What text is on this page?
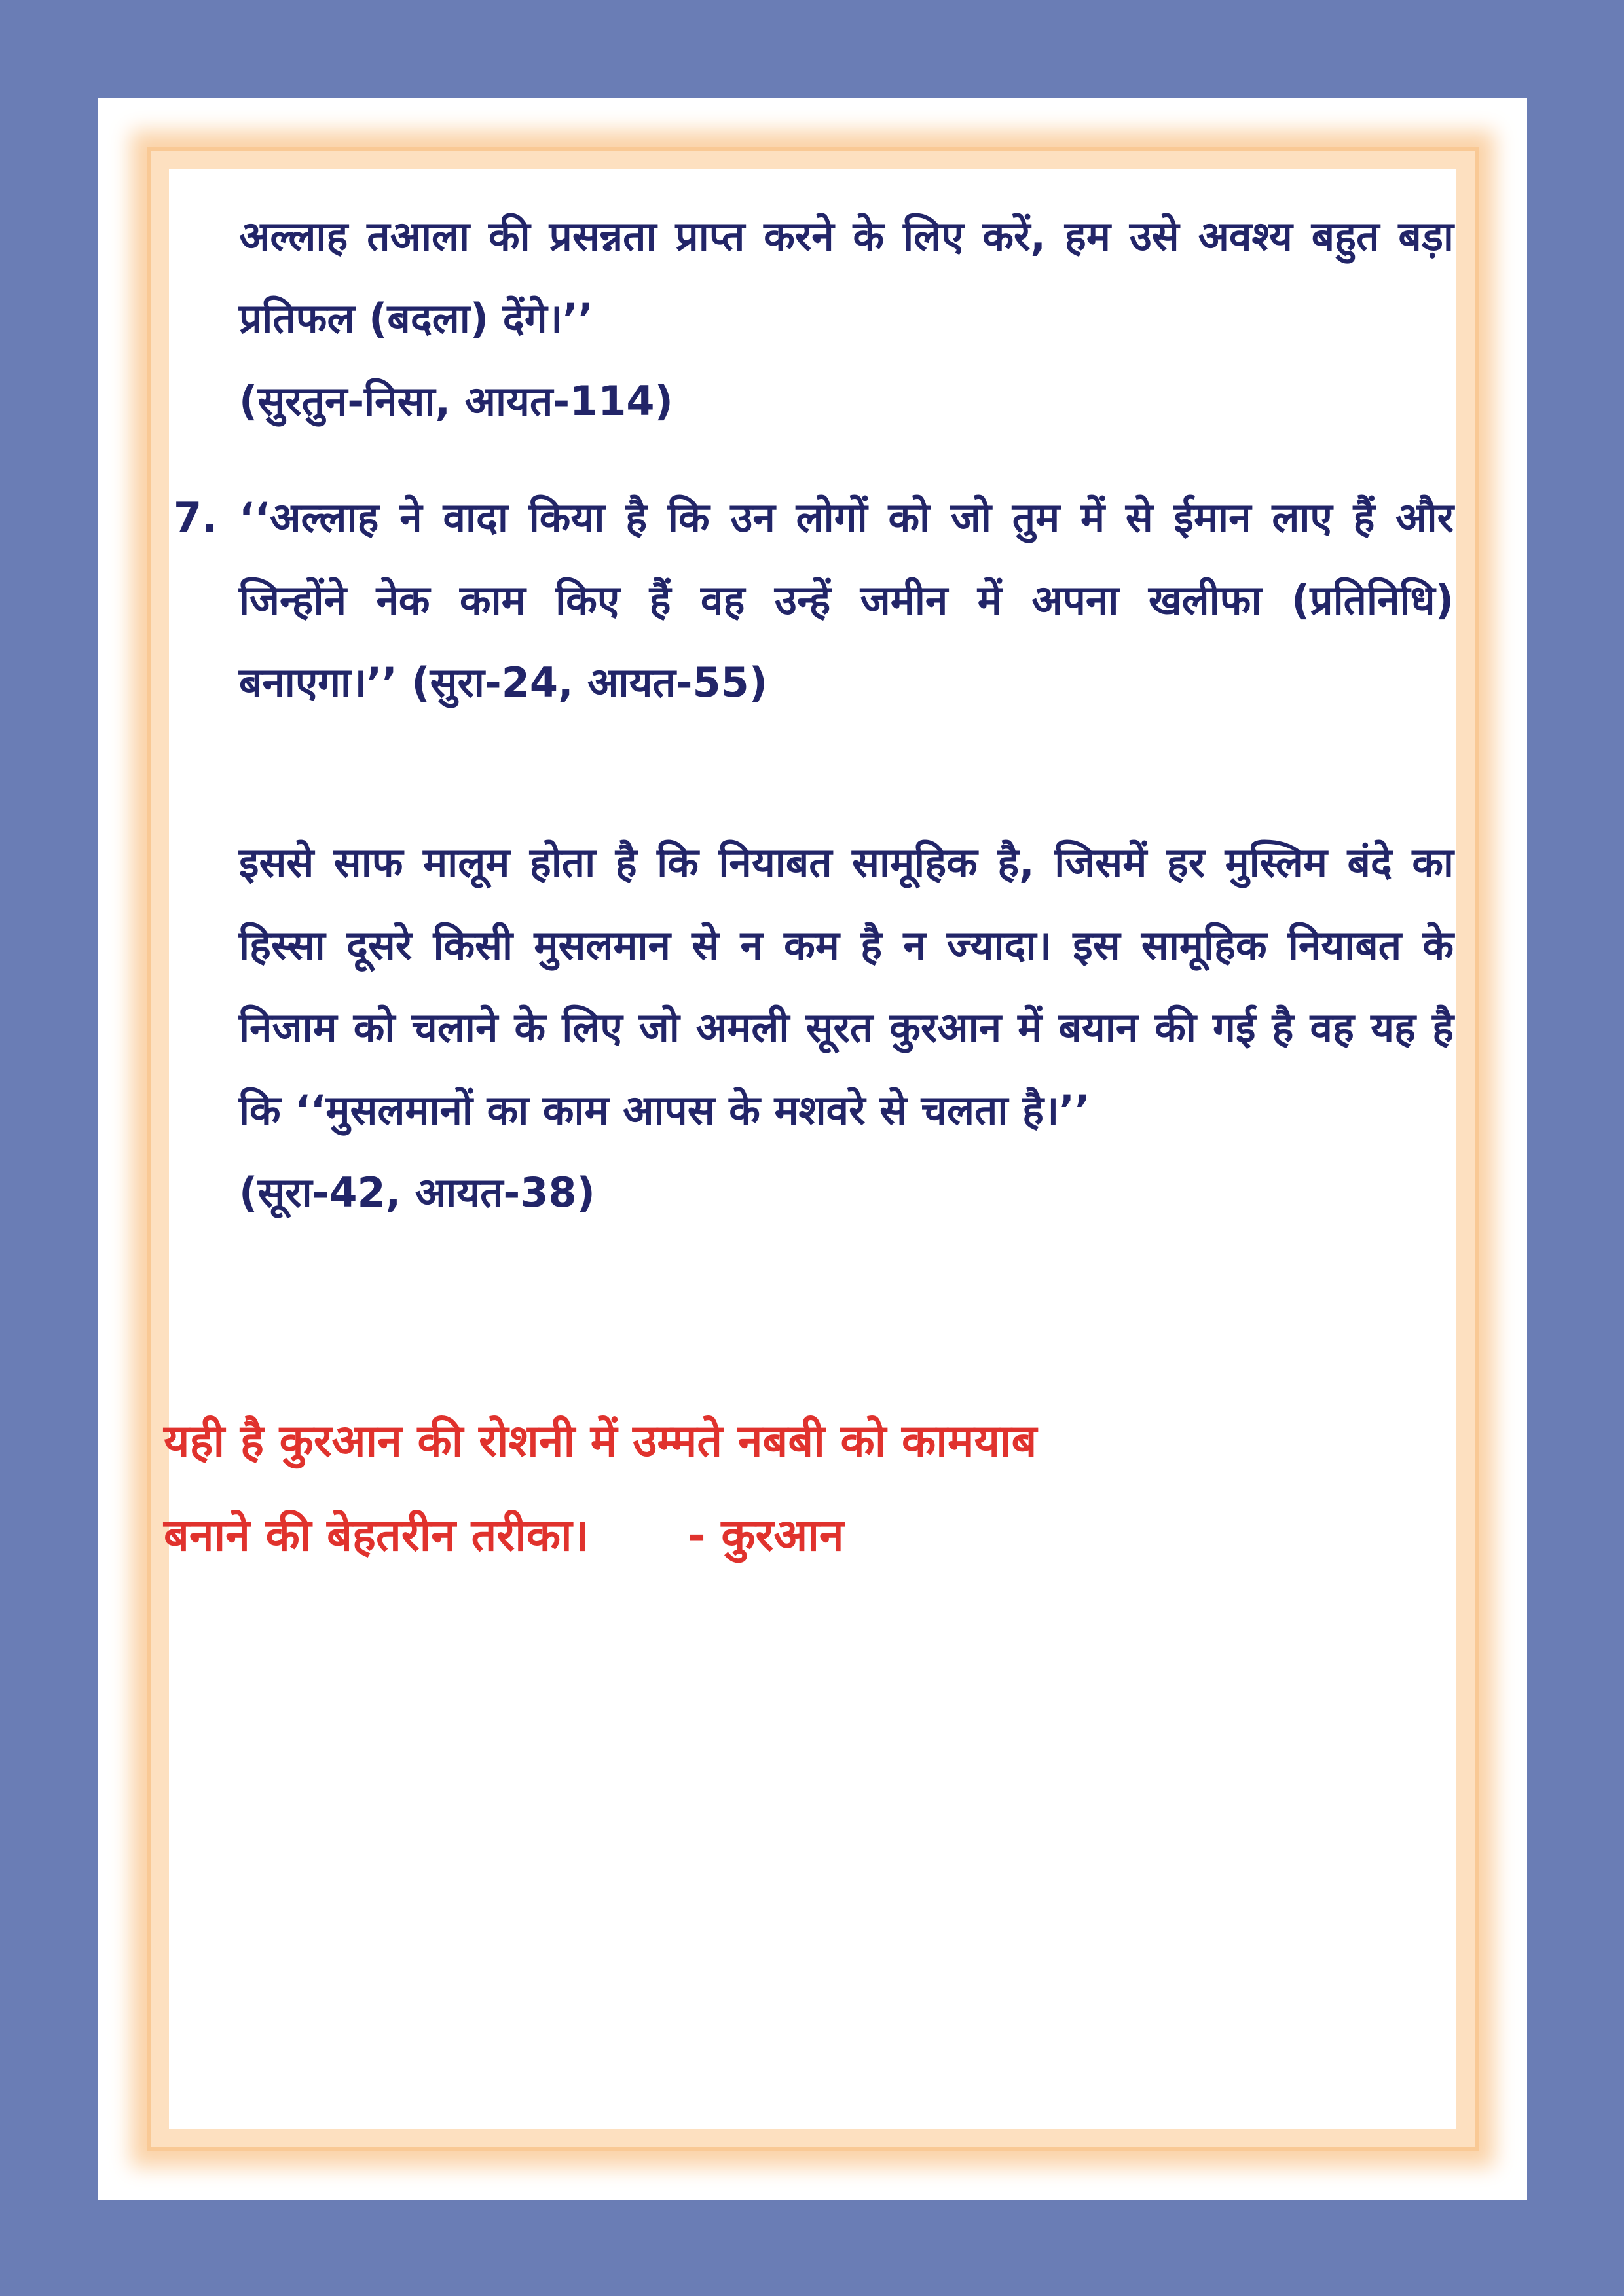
अल्लाह तआला की प्रसन्नता प्राप्त करने के लिए करें, हम उसे अवश्य बहुत बड़ा प्रतिफल (बदला) देंगे।’’
(सुरतुन-निसा, आयत-114)
7. ‘‘अल्लाह ने वादा किया है कि उन लोगों को जो तुम में से ईमान लाए हैं और जिन्होंने नेक काम किए हैं वह उन्हें जमीन में अपना खलीफा (प्रतिनिधि) बनाएगा।’’ (सुरा-24, आयत-55)
इससे साफ मालूम होता है कि नियाबत सामूहिक है, जिसमें हर मुस्लिम बंदे का हिस्सा दूसरे किसी मुसलमान से न कम है न ज्यादा। इस सामूहिक नियाबत के निजाम को चलाने के लिए जो अमली सूरत कुरआन में बयान की गई है वह यह है कि ‘‘मुसलमानों का काम आपस के मशवरे से चलता है।’’
(सूरा-42, आयत-38)
यही है कुरआन की रोशनी में उम्मते नबबी को कामयाब
बनाने की बेहतरीन तरीका। - कुरआन
